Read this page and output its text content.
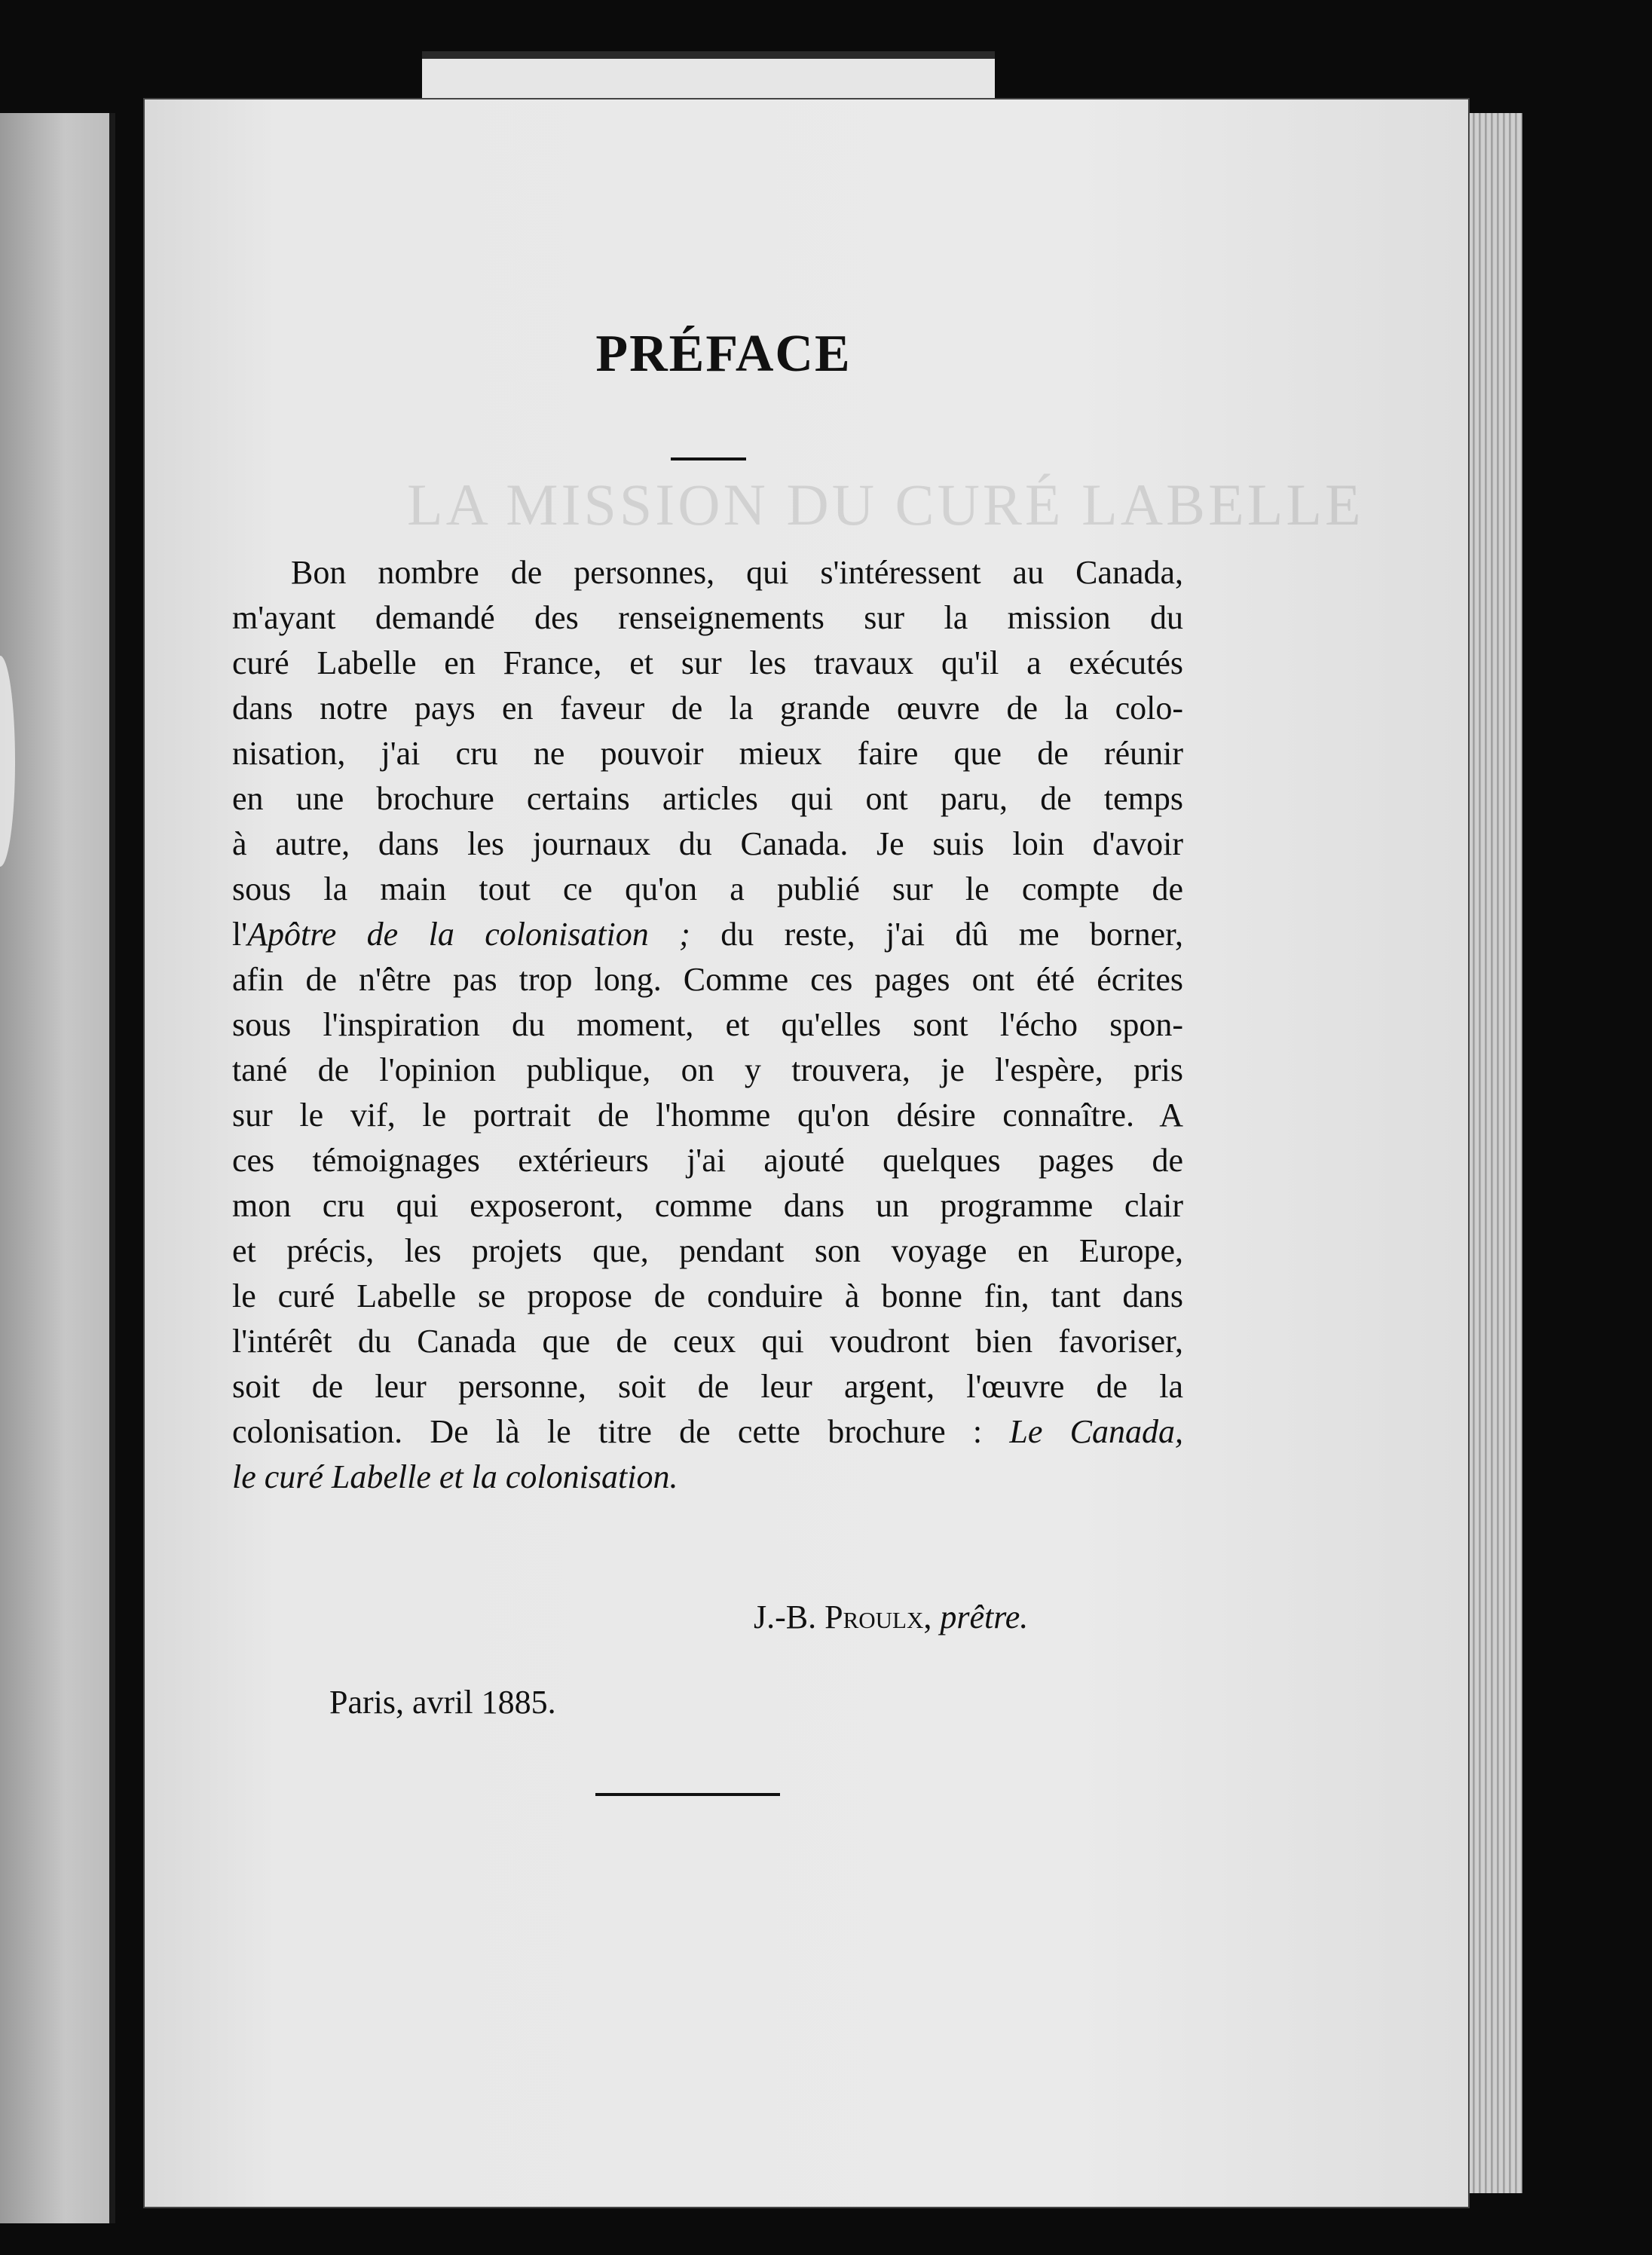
PRÉFACE
Bon nombre de personnes, qui s'intéressent au Canada,
m'ayant demandé des renseignements sur la mission du
curé Labelle en France, et sur les travaux qu'il a exécutés
dans notre pays en faveur de la grande œuvre de la colo-
nisation, j'ai cru ne pouvoir mieux faire que de réunir
en une brochure certains articles qui ont paru, de temps
à autre, dans les journaux du Canada. Je suis loin d'avoir
sous la main tout ce qu'on a publié sur le compte de
l'Apôtre de la colonisation ; du reste, j'ai dû me borner,
afin de n'être pas trop long. Comme ces pages ont été écrites
sous l'inspiration du moment, et qu'elles sont l'écho spon-
tané de l'opinion publique, on y trouvera, je l'espère, pris
sur le vif, le portrait de l'homme qu'on désire connaître. A
ces témoignages extérieurs j'ai ajouté quelques pages de
mon cru qui exposeront, comme dans un programme clair
et précis, les projets que, pendant son voyage en Europe,
le curé Labelle se propose de conduire à bonne fin, tant dans
l'intérêt du Canada que de ceux qui voudront bien favoriser,
soit de leur personne, soit de leur argent, l'œuvre de la
colonisation. De là le titre de cette brochure : Le Canada,
le curé Labelle et la colonisation.
J.-B. Proulx, prêtre.
Paris, avril 1885.
